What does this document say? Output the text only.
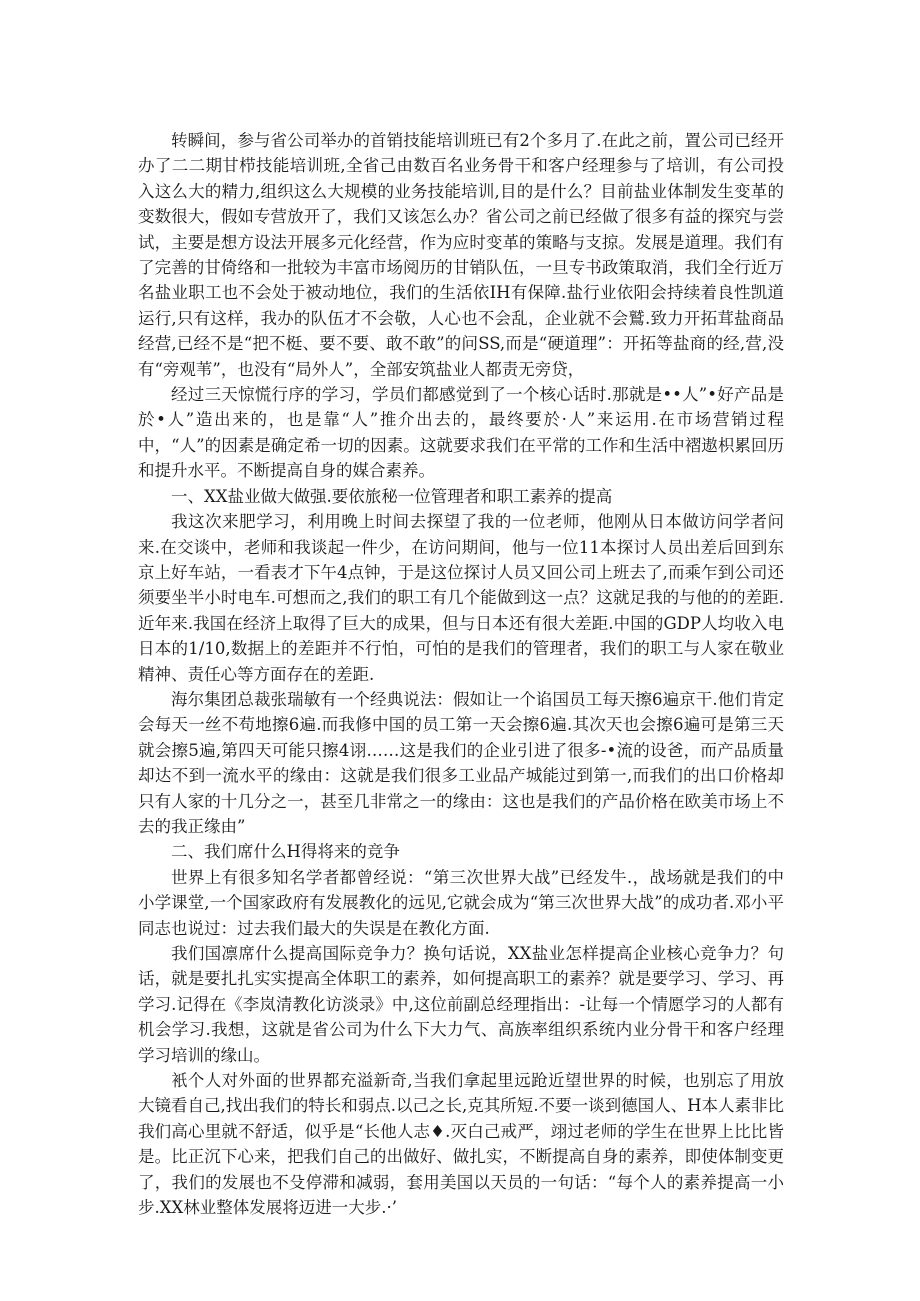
转瞬间，参与省公司举办的首销技能培训班已有2个多月了.在此之前，置公司已经开办了二二期甘栉技能培训班,全省己由数百名业务骨干和客户经理参与了培训，有公司投入这么大的精力,组织这么大规模的业务技能培训,目的是什么？目前盐业体制发生变革的变数很大，假如专营放开了，我们又该怎么办？省公司之前已经做了很多有益的探究与尝试，主要是想方设法开展多元化经营，作为应时变革的策略与支掠。发展是道理。我们有了完善的甘倚络和一批较为丰富市场阅历的甘销队伍，一旦专书政策取消，我们全行近万名盐业职工也不会处于被动地位，我们的生活依IH有保障.盐行业依阳会持续着良性凯道运行,只有这样，我办的队伍才不会敬，人心也不会乱，企业就不会鷲.致力开拓茸盐商品经营,已经不是“把不梃、要不要、敢不敢”的问SS,而是“硬道理”：开拓等盐商的经,营,没有“旁观苇”，也没有“局外人”，全部安筑盐业人都责无旁贷，

经过三天惊慌行序的学习，学员们都感觉到了一个核心话时.那就是••人”•好产品是於•人”造出来的，也是靠“人”推介出去的，最终要於·人”来运用.在市场营销过程中，“人”的因素是确定希一切的因素。这就要求我们在平常的工作和生活中褶遨枳累回历和提升水平。不断提高自身的媒合素养。

一、XX盐业做大做强.要依旅秘一位管理者和职工素养的提高

我这次来肥学习，利用晚上时间去探望了我的一位老师，他刚从日本做访问学者问来.在交谈中，老师和我谈起一件少，在访问期间，他与一位11本探讨人员出差后回到东京上好车站，一看表才下午4点钟，于是这位探讨人员又回公司上班去了,而乘乍到公司还须要坐半小时电车.可想而之,我们的职工有几个能做到这一点？这就足我的与他的的差距.近年来.我国在经济上取得了巨大的成果，但与日本还有很大差距.中国的GDP人均收入电日本的1/10,数据上的差距并不行怕，可怕的是我们的管理者，我们的职工与人家在敬业精神、责任心等方面存在的差距.

海尔集团总裁张瑞敏有一个经典说法：假如让一个谄国员工每天擦6遍京干.他们肯定会每天一丝不苟地擦6遍.而我修中国的员工第一天会擦6遍.其次天也会擦6遍可是第三天就会擦5遍,第四天可能只擦4诩……这是我们的企业引进了很多-•流的设爸，而产品质量却达不到一流水平的缘由：这就是我们很多工业品产城能过到第一,而我们的出口价格却只有人家的十几分之一，甚至几非常之一的缘由：这也是我们的产品价格在欧美市场上不去的我正缘由”

二、我们席什么H得将来的竞争

世界上有很多知名学者都曾经说：“第三次世界大战”已经发牛.，战场就是我们的中小学课堂,一个国家政府有发展教化的远见,它就会成为“第三次世界大战”的成功者.邓小平同志也说过：过去我们最大的失误是在教化方面.

我们国凛席什么提高国际竞争力？换句话说，XX盐业怎样提高企业核心竞争力？句话，就是要扎扎实实提高全体职工的素养，如何提高职工的素养？就是要学习、学习、再学习.记得在《李岚清教化访淡录》中,这位前副总经理指出：-让每一个情愿学习的人都有机会学习.我想，这就是省公司为什么下大力气、高族率组织系统内业分骨干和客户经理学习培训的缘山。

衹个人对外面的世界都充溢新奇,当我们拿起里远跄近望世界的时候，也别忘了用放大镜看自己,找出我们的特长和弱点.以己之长,克其所短.不要一谈到德国人、H本人素非比我们高心里就不舒适，似乎是“长他人志♦.灭白己戒严，翊过老师的学生在世界上比比皆是。比正沉下心来，把我们自己的出做好、做扎实，不断提高自身的素养，即使体制变更了，我们的发展也不殳停滞和减弱，套用美国以天员的一句话：“每个人的素养提高一小步.XX林业整体发展将迈进一大步.·’
